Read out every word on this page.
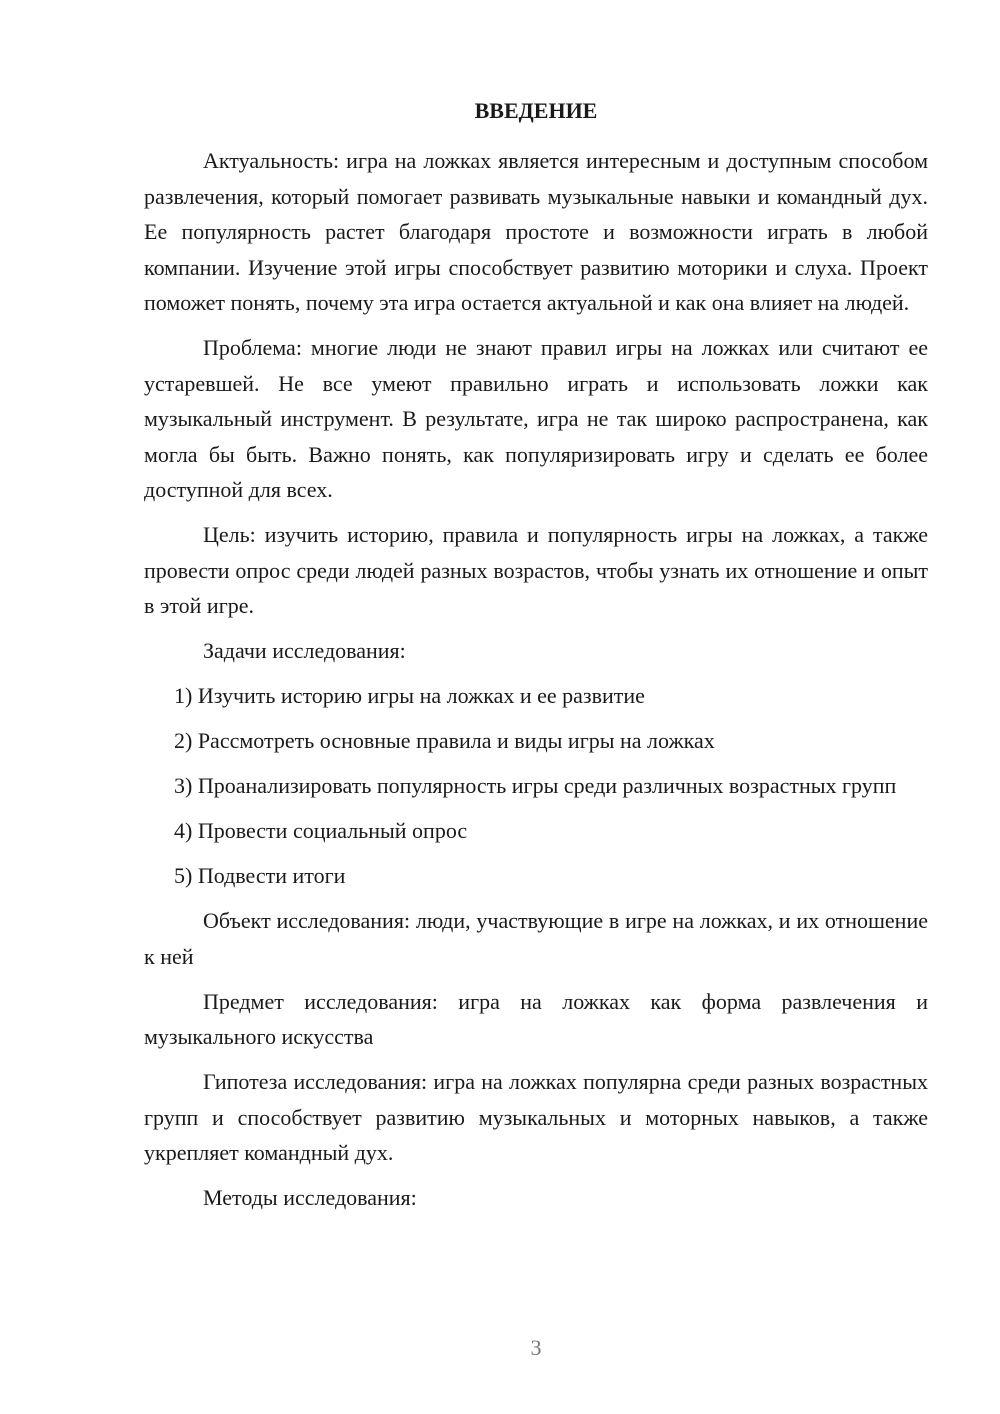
ВВЕДЕНИЕ

Актуальность: игра на ложках является интересным и доступным способом развлечения, который помогает развивать музыкальные навыки и командный дух. Ее популярность растет благодаря простоте и возможности играть в любой компании. Изучение этой игры способствует развитию моторики и слуха. Проект поможет понять, почему эта игра остается актуальной и как она влияет на людей.

Проблема: многие люди не знают правил игры на ложках или считают ее устаревшей. Не все умеют правильно играть и использовать ложки как музыкальный инструмент. В результате, игра не так широко распространена, как могла бы быть. Важно понять, как популяризировать игру и сделать ее более доступной для всех.

Цель: изучить историю, правила и популярность игры на ложках, а также провести опрос среди людей разных возрастов, чтобы узнать их отношение и опыт в этой игре.

Задачи исследования:

1) Изучить историю игры на ложках и ее развитие

2) Рассмотреть основные правила и виды игры на ложках

3) Проанализировать популярность игры среди различных возрастных групп

4) Провести социальный опрос

5) Подвести итоги

Объект исследования: люди, участвующие в игре на ложках, и их отношение к ней

Предмет исследования: игра на ложках как форма развлечения и музыкального искусства

Гипотеза исследования: игра на ложках популярна среди разных возрастных групп и способствует развитию музыкальных и моторных навыков, а также укрепляет командный дух.

Методы исследования:

3
